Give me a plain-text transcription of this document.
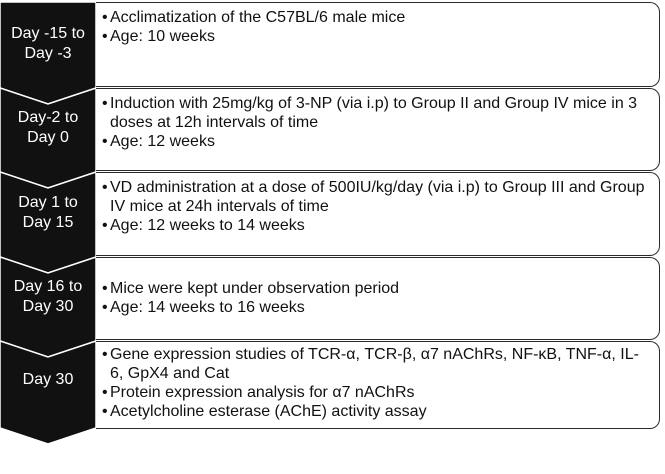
Day -15 to
Day -3
• Acclimatization of the C57BL/6 male mice
• Age: 10 weeks
Day-2 to
Day 0
• Induction with 25mg/kg of 3-NP (via i.p) to Group II and Group IV mice in 3 doses at 12h intervals of time
• Age: 12 weeks
Day 1 to
Day 15
• VD administration at a dose of 500IU/kg/day (via i.p) to Group III and Group IV mice at 24h intervals of time
• Age: 12 weeks to 14 weeks
Day 16 to
Day 30
• Mice were kept under observation period
• Age: 14 weeks to 16 weeks
Day 30
• Gene expression studies of TCR-α, TCR-β, α7 nAChRs, NF-κB, TNF-α, IL-6, GpX4 and Cat
• Protein expression analysis for α7 nAChRs
• Acetylcholine esterase (AChE) activity assay
